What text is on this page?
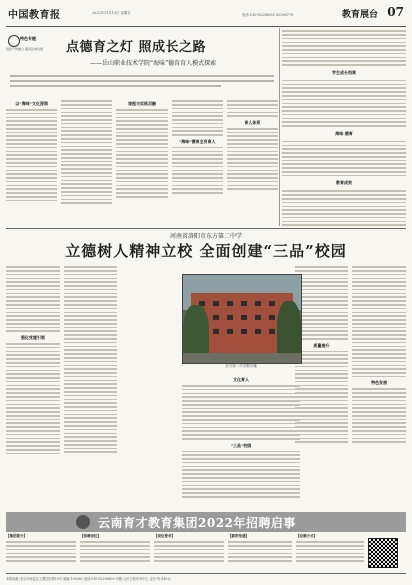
中国教育报	2022年11月13日 星期日	电话:010-82296853 82296779	教育展台 07
特色专题
创新产教融合·服务区域发展 点德育之灯 照成长之路
——岳山职业技术学院“海味”德育育人模式探索
以“海味”文化浸润	课程与实践双融
“海味”德育全员育人
育人体系
学生成长档案
海味·德育
教育成效
河南省洛阳市东方第二中学
立德树人精神立校 全面创建“三品”校园
强化党建引领
质量提升
特色发展
文化育人
“三品”校园
东方第二中学教学楼
云南育才教育集团2022年招聘启事
【集团简介】	【招聘岗位】	【岗位要求】	【薪资待遇】	【应聘方式】
本报地址:北京市海淀区文慧园北路10号 邮编:100082 电话:010-82296800 印刷:人民日报印务中心 定价:每月45元
